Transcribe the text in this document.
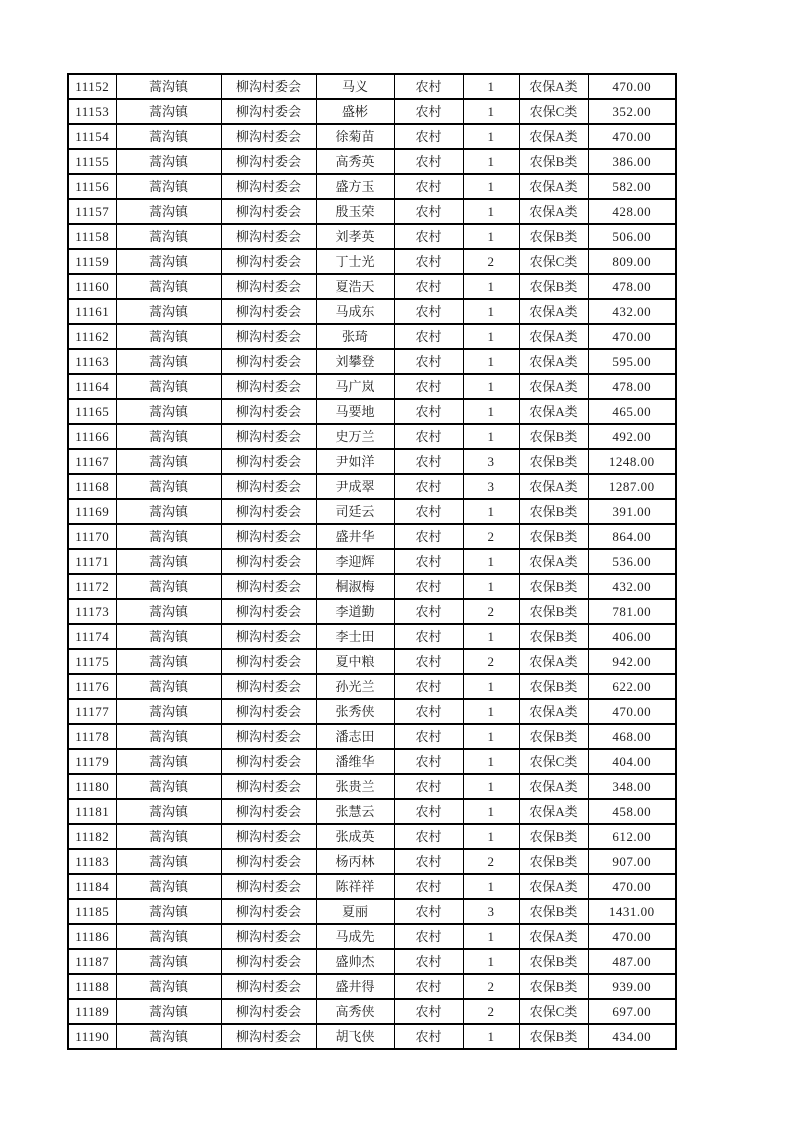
11152	蒿沟镇	柳沟村委会	马义	农村	1	农保A类	470.00
11153	蒿沟镇	柳沟村委会	盛彬	农村	1	农保C类	352.00
11154	蒿沟镇	柳沟村委会	徐菊苗	农村	1	农保A类	470.00
11155	蒿沟镇	柳沟村委会	高秀英	农村	1	农保B类	386.00
11156	蒿沟镇	柳沟村委会	盛方玉	农村	1	农保A类	582.00
11157	蒿沟镇	柳沟村委会	殷玉荣	农村	1	农保A类	428.00
11158	蒿沟镇	柳沟村委会	刘孝英	农村	1	农保B类	506.00
11159	蒿沟镇	柳沟村委会	丁士光	农村	2	农保C类	809.00
11160	蒿沟镇	柳沟村委会	夏浩天	农村	1	农保B类	478.00
11161	蒿沟镇	柳沟村委会	马成东	农村	1	农保A类	432.00
11162	蒿沟镇	柳沟村委会	张琦	农村	1	农保A类	470.00
11163	蒿沟镇	柳沟村委会	刘攀登	农村	1	农保A类	595.00
11164	蒿沟镇	柳沟村委会	马广岚	农村	1	农保A类	478.00
11165	蒿沟镇	柳沟村委会	马要地	农村	1	农保A类	465.00
11166	蒿沟镇	柳沟村委会	史万兰	农村	1	农保B类	492.00
11167	蒿沟镇	柳沟村委会	尹如洋	农村	3	农保B类	1248.00
11168	蒿沟镇	柳沟村委会	尹成翠	农村	3	农保A类	1287.00
11169	蒿沟镇	柳沟村委会	司廷云	农村	1	农保B类	391.00
11170	蒿沟镇	柳沟村委会	盛井华	农村	2	农保B类	864.00
11171	蒿沟镇	柳沟村委会	李迎辉	农村	1	农保A类	536.00
11172	蒿沟镇	柳沟村委会	桐淑梅	农村	1	农保B类	432.00
11173	蒿沟镇	柳沟村委会	李道勤	农村	2	农保B类	781.00
11174	蒿沟镇	柳沟村委会	李士田	农村	1	农保B类	406.00
11175	蒿沟镇	柳沟村委会	夏中粮	农村	2	农保A类	942.00
11176	蒿沟镇	柳沟村委会	孙光兰	农村	1	农保B类	622.00
11177	蒿沟镇	柳沟村委会	张秀侠	农村	1	农保A类	470.00
11178	蒿沟镇	柳沟村委会	潘志田	农村	1	农保B类	468.00
11179	蒿沟镇	柳沟村委会	潘维华	农村	1	农保C类	404.00
11180	蒿沟镇	柳沟村委会	张贵兰	农村	1	农保A类	348.00
11181	蒿沟镇	柳沟村委会	张慧云	农村	1	农保A类	458.00
11182	蒿沟镇	柳沟村委会	张成英	农村	1	农保B类	612.00
11183	蒿沟镇	柳沟村委会	杨丙林	农村	2	农保B类	907.00
11184	蒿沟镇	柳沟村委会	陈祥祥	农村	1	农保A类	470.00
11185	蒿沟镇	柳沟村委会	夏丽	农村	3	农保B类	1431.00
11186	蒿沟镇	柳沟村委会	马成先	农村	1	农保A类	470.00
11187	蒿沟镇	柳沟村委会	盛帅杰	农村	1	农保B类	487.00
11188	蒿沟镇	柳沟村委会	盛井得	农村	2	农保B类	939.00
11189	蒿沟镇	柳沟村委会	高秀侠	农村	2	农保C类	697.00
11190	蒿沟镇	柳沟村委会	胡飞侠	农村	1	农保B类	434.00
